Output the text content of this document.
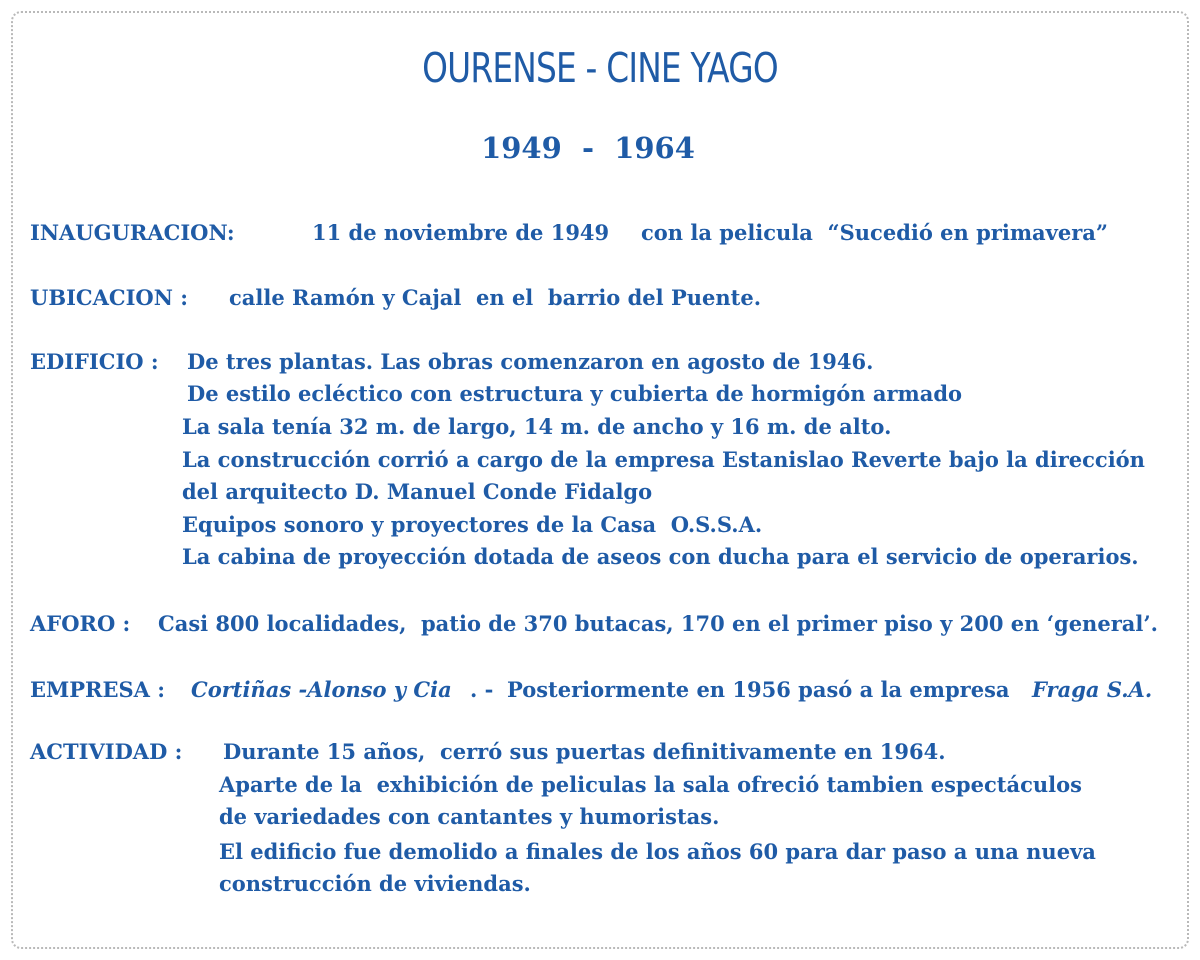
OURENSE - CINE YAGO
1949  -  1964
INAUGURACION:	11 de noviembre de 1949 con la pelicula  “Sucedió en primavera”
UBICACION : calle Ramón y Cajal  en el  barrio del Puente.
EDIFICIO : De tres plantas. Las obras comenzaron en agosto de 1946.
De estilo ecléctico con estructura y cubierta de hormigón armado
La sala tenía 32 m. de largo, 14 m. de ancho y 16 m. de alto.
La construcción corrió a cargo de la empresa Estanislao Reverte bajo la dirección
del arquitecto D. Manuel Conde Fidalgo
Equipos sonoro y proyectores de la Casa  O.S.S.A.
La cabina de proyección dotada de aseos con ducha para el servicio de operarios.
AFORO : Casi 800 localidades,  patio de 370 butacas, 170 en el primer piso y 200 en ‘general’.
EMPRESA : Cortiñas -Alonso y Cia . - Posteriormente en 1956 pasó a la empresa Fraga S.A.
ACTIVIDAD : Durante 15 años,  cerró sus puertas definitivamente en 1964.
Aparte de la  exhibición de peliculas la sala ofreció tambien espectáculos
de variedades con cantantes y humoristas.
El edificio fue demolido a finales de los años 60 para dar paso a una nueva
construcción de viviendas.
